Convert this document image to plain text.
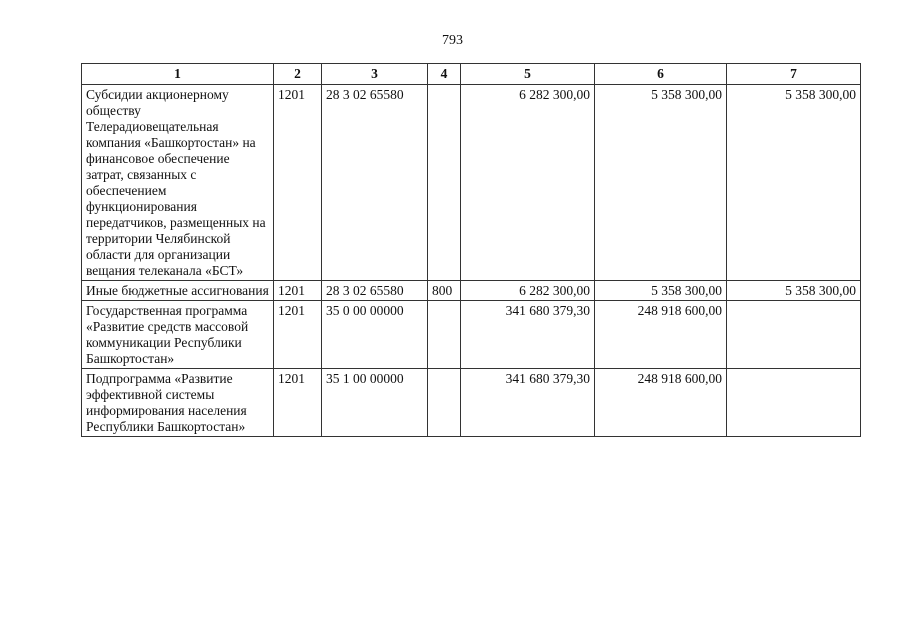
793
1	2	3	4	5	6	7
Субсидии акционерному обществу Телерадиовещательная компания «Башкортостан» на финансовое обеспечение затрат, связанных с обеспечением функционирования передатчиков, размещенных на территории Челябинской области для организации вещания телеканала «БСТ»	1201	28 3 02 65580		6 282 300,00	5 358 300,00	5 358 300,00
Иные бюджетные ассигнования	1201	28 3 02 65580	800	6 282 300,00	5 358 300,00	5 358 300,00
Государственная программа «Развитие средств массовой коммуникации Республики Башкортостан»	1201	35 0 00 00000		341 680 379,30	248 918 600,00	
Подпрограмма «Развитие эффективной системы информирования населения Республики Башкортостан»	1201	35 1 00 00000		341 680 379,30	248 918 600,00	
